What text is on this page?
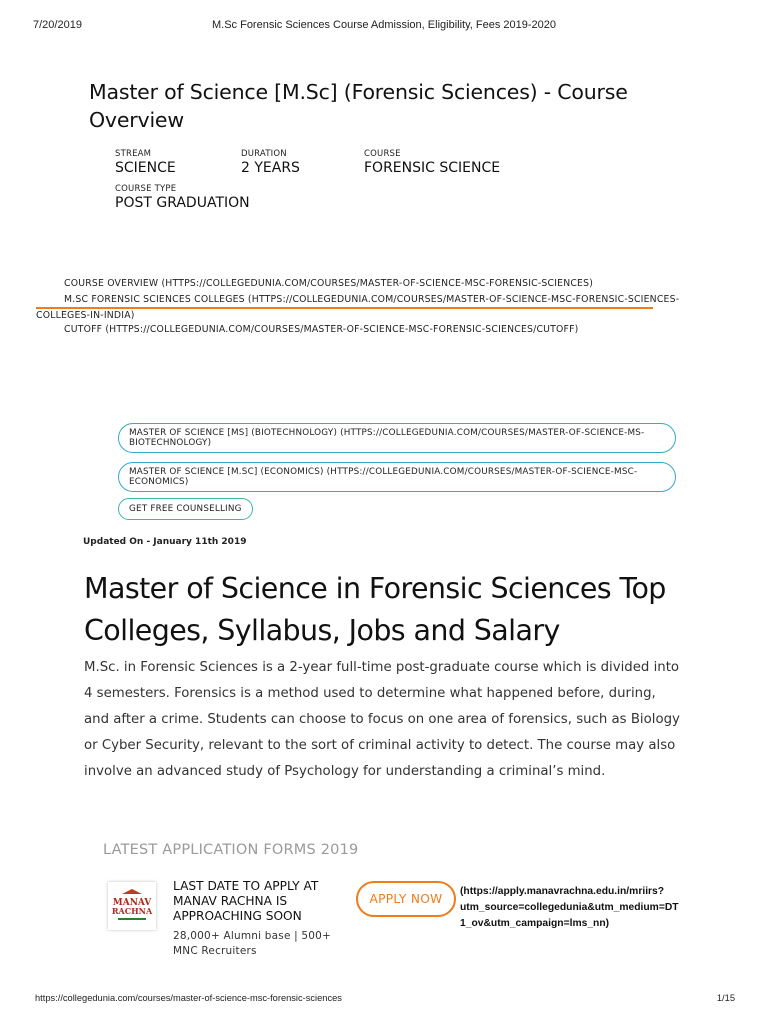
7/20/2019	M.Sc Forensic Sciences Course Admission, Eligibility, Fees 2019-2020
Master of Science [M.Sc] (Forensic Sciences) - Course Overview
STREAM
SCIENCE
DURATION
2 YEARS
COURSE
FORENSIC SCIENCE
COURSE TYPE
POST GRADUATION
COURSE OVERVIEW (HTTPS://COLLEGEDUNIA.COM/COURSES/MASTER-OF-SCIENCE-MSC-FORENSIC-SCIENCES)
M.SC FORENSIC SCIENCES COLLEGES (HTTPS://COLLEGEDUNIA.COM/COURSES/MASTER-OF-SCIENCE-MSC-FORENSIC-SCIENCES-
COLLEGES-IN-INDIA)
CUTOFF (HTTPS://COLLEGEDUNIA.COM/COURSES/MASTER-OF-SCIENCE-MSC-FORENSIC-SCIENCES/CUTOFF)
MASTER OF SCIENCE [MS] (BIOTECHNOLOGY) (HTTPS://COLLEGEDUNIA.COM/COURSES/MASTER-OF-SCIENCE-MS-BIOTECHNOLOGY)
MASTER OF SCIENCE [M.SC] (ECONOMICS) (HTTPS://COLLEGEDUNIA.COM/COURSES/MASTER-OF-SCIENCE-MSC-ECONOMICS)
GET FREE COUNSELLING
Updated On - January 11th 2019
Master of Science in Forensic Sciences Top Colleges, Syllabus, Jobs and Salary
M.Sc. in Forensic Sciences is a 2-year full-time post-graduate course which is divided into 4 semesters. Forensics is a method used to determine what happened before, during, and after a crime. Students can choose to focus on one area of forensics, such as Biology or Cyber Security, relevant to the sort of criminal activity to detect. The course may also involve an advanced study of Psychology for understanding a criminal’s mind.
LATEST APPLICATION FORMS 2019
MANAV
RACHNA
LAST DATE TO APPLY AT MANAV RACHNA IS APPROACHING SOON
28,000+ Alumni base | 500+ MNC Recruiters
APPLY NOW
(https://apply.manavrachna.edu.in/mriirs?
utm_source=collegedunia&utm_medium=DT
1_ov&utm_campaign=lms_nn)
https://collegedunia.com/courses/master-of-science-msc-forensic-sciences	1/15
